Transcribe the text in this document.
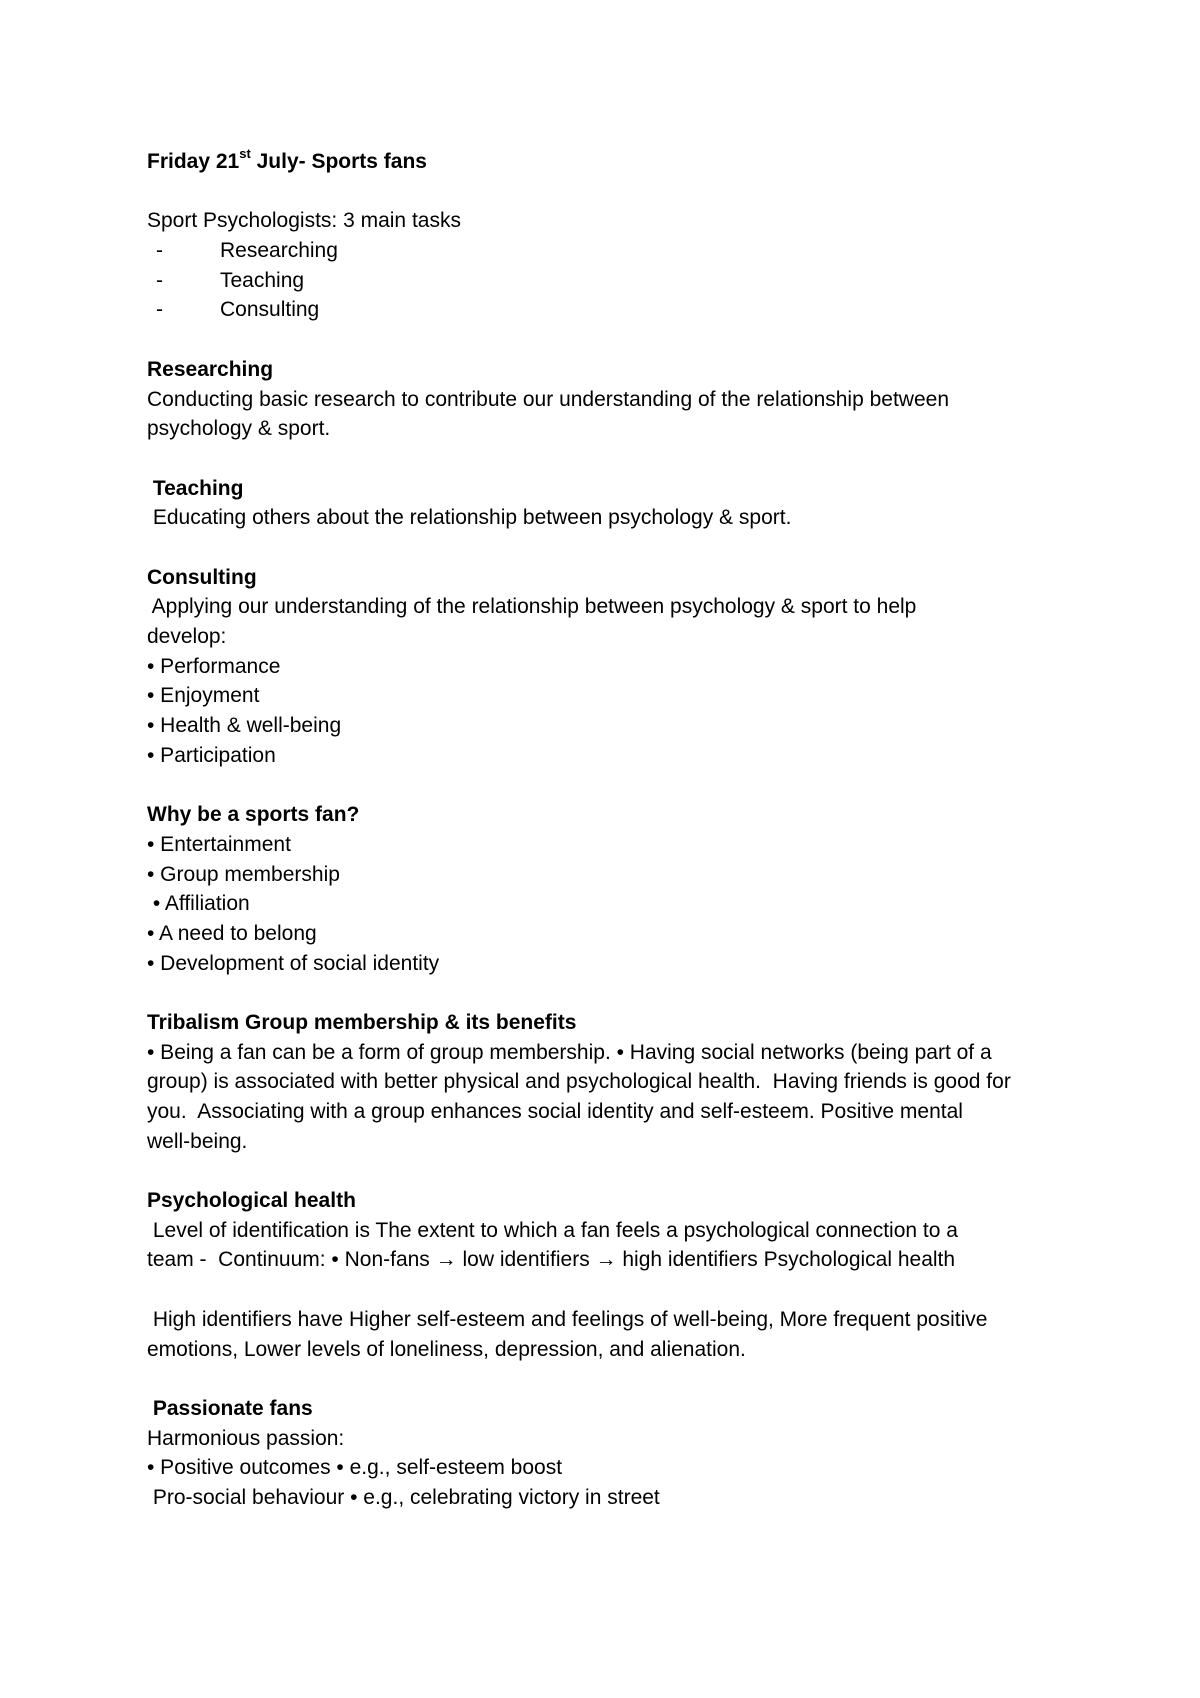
Friday 21st July- Sports fans
Sport Psychologists: 3 main tasks
-	Researching
-	Teaching
-	Consulting
Researching
Conducting basic research to contribute our understanding of the relationship between
psychology & sport.
Teaching
Educating others about the relationship between psychology & sport.
Consulting
Applying our understanding of the relationship between psychology & sport to help
develop:
• Performance
• Enjoyment
• Health & well-being
• Participation
Why be a sports fan?
• Entertainment
• Group membership
• Affiliation
• A need to belong
• Development of social identity
Tribalism Group membership & its benefits
• Being a fan can be a form of group membership. • Having social networks (being part of a
group) is associated with better physical and psychological health.  Having friends is good for
you.  Associating with a group enhances social identity and self-esteem. Positive mental
well-being.
Psychological health
Level of identification is The extent to which a fan feels a psychological connection to a
team -  Continuum: • Non-fans → low identifiers → high identifiers Psychological health
High identifiers have Higher self-esteem and feelings of well-being, More frequent positive
emotions, Lower levels of loneliness, depression, and alienation.
Passionate fans
Harmonious passion:
• Positive outcomes • e.g., self-esteem boost
Pro-social behaviour • e.g., celebrating victory in street
